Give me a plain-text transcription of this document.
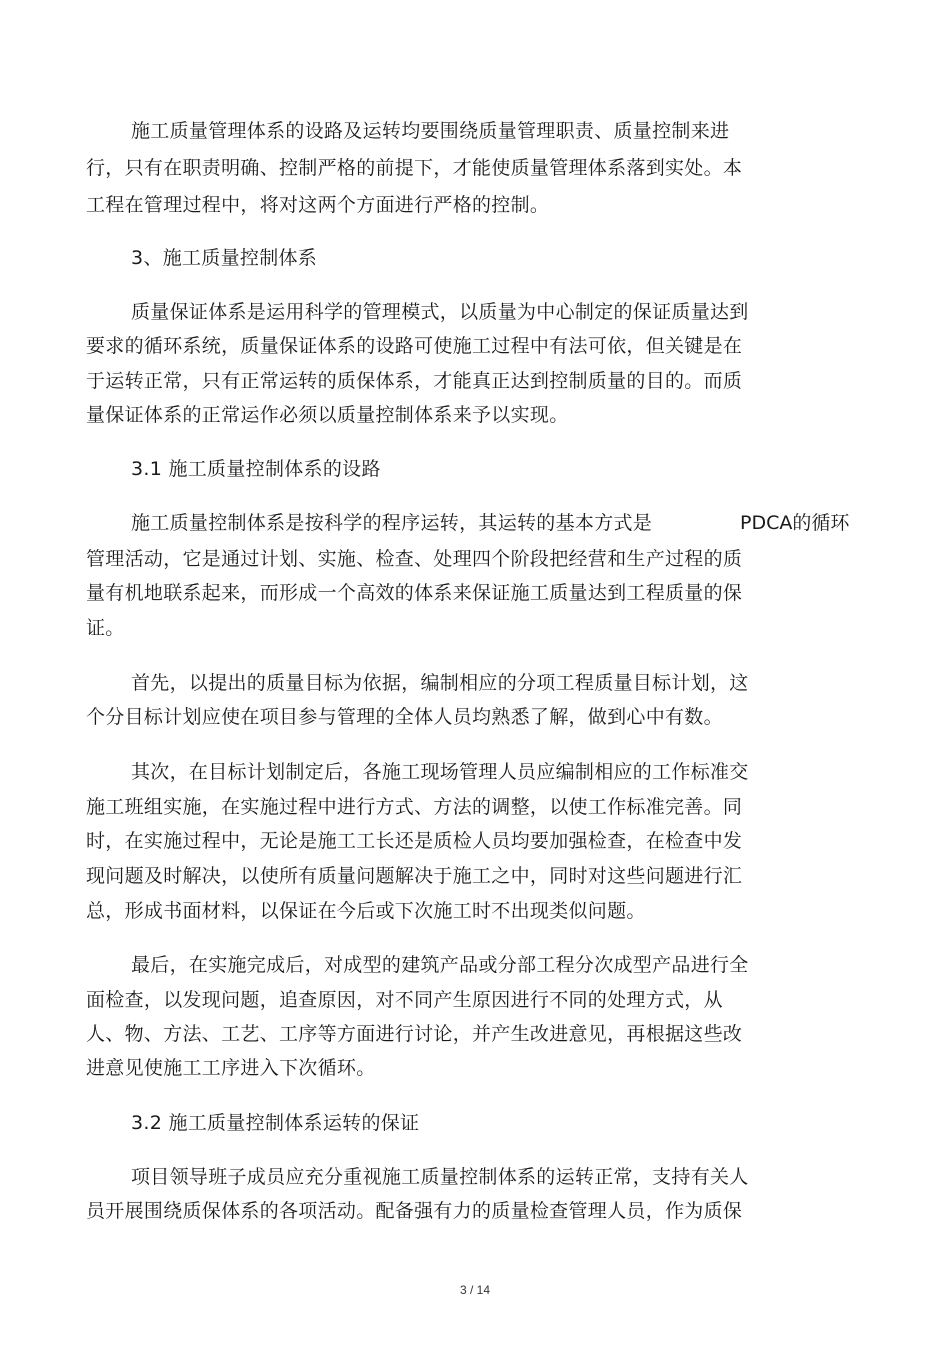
施工质量管理体系的设路及运转均要围绕质量管理职责、质量控制来进
行，只有在职责明确、控制严格的前提下，才能使质量管理体系落到实处。本
工程在管理过程中，将对这两个方面进行严格的控制。
3、施工质量控制体系
质量保证体系是运用科学的管理模式，以质量为中心制定的保证质量达到
要求的循环系统，质量保证体系的设路可使施工过程中有法可依，但关键是在
于运转正常，只有正常运转的质保体系，才能真正达到控制质量的目的。而质
量保证体系的正常运作必须以质量控制体系来予以实现。
3.1 施工质量控制体系的设路
施工质量控制体系是按科学的程序运转，其运转的基本方式是	PDCA的循环
管理活动，它是通过计划、实施、检查、处理四个阶段把经营和生产过程的质
量有机地联系起来，而形成一个高效的体系来保证施工质量达到工程质量的保
证。
首先，以提出的质量目标为依据，编制相应的分项工程质量目标计划，这
个分目标计划应使在项目参与管理的全体人员均熟悉了解，做到心中有数。
其次，在目标计划制定后，各施工现场管理人员应编制相应的工作标准交
施工班组实施，在实施过程中进行方式、方法的调整，以使工作标准完善。同
时，在实施过程中，无论是施工工长还是质检人员均要加强检查，在检查中发
现问题及时解决，以使所有质量问题解决于施工之中，同时对这些问题进行汇
总，形成书面材料，以保证在今后或下次施工时不出现类似问题。
最后，在实施完成后，对成型的建筑产品或分部工程分次成型产品进行全
面检查，以发现问题，追查原因，对不同产生原因进行不同的处理方式，从
人、物、方法、工艺、工序等方面进行讨论，并产生改进意见，再根据这些改
进意见使施工工序进入下次循环。
3.2 施工质量控制体系运转的保证
项目领导班子成员应充分重视施工质量控制体系的运转正常，支持有关人
员开展围绕质保体系的各项活动。配备强有力的质量检查管理人员，作为质保
3 / 14
